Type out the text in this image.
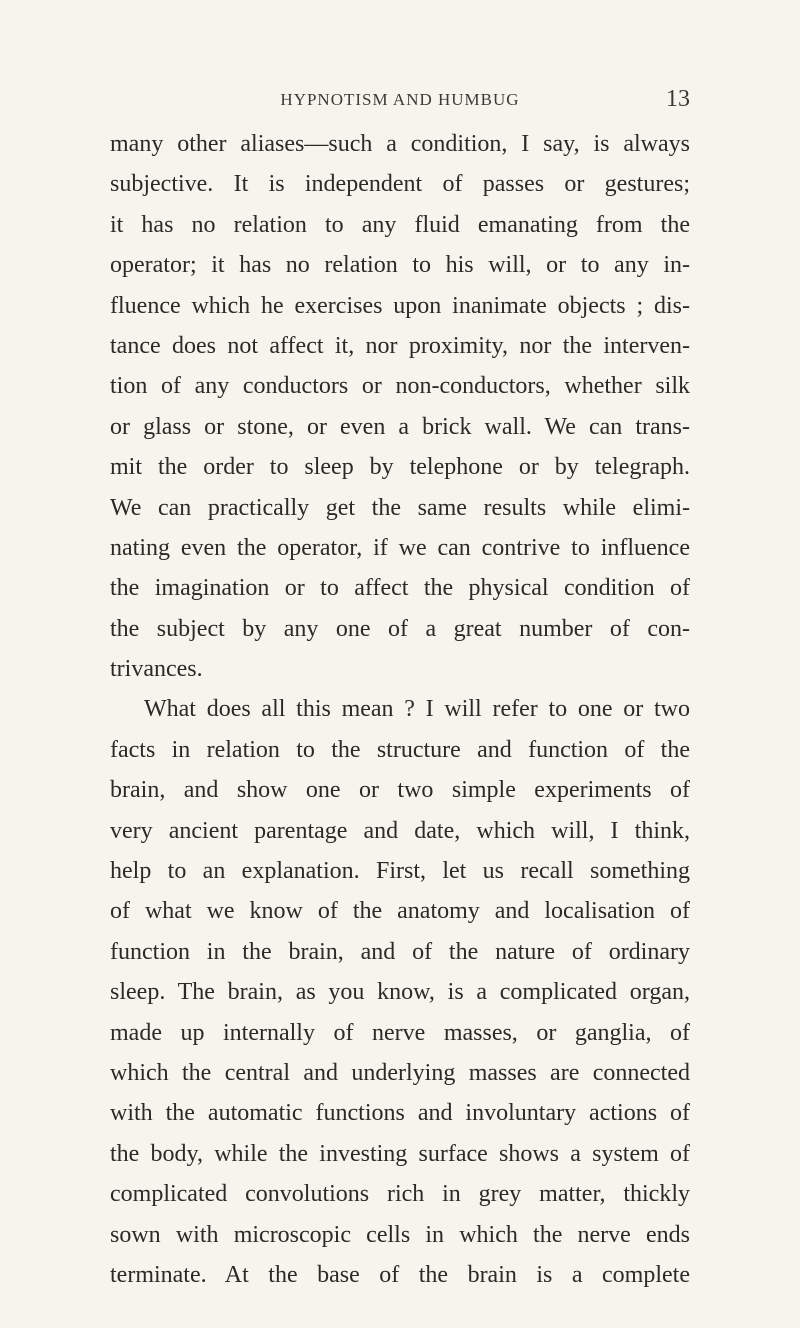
HYPNOTISM AND HUMBUG	13
many other aliases—such a condition, I say, is always
subjective. It is independent of passes or gestures;
it has no relation to any fluid emanating from the
operator; it has no relation to his will, or to any in-
fluence which he exercises upon inanimate objects ; dis-
tance does not affect it, nor proximity, nor the interven-
tion of any conductors or non-conductors, whether silk
or glass or stone, or even a brick wall. We can trans-
mit the order to sleep by telephone or by telegraph.
We can practically get the same results while elimi-
nating even the operator, if we can contrive to influence
the imagination or to affect the physical condition of
the subject by any one of a great number of con-
trivances.
What does all this mean ? I will refer to one or two
facts in relation to the structure and function of the
brain, and show one or two simple experiments of
very ancient parentage and date, which will, I think,
help to an explanation. First, let us recall something
of what we know of the anatomy and localisation of
function in the brain, and of the nature of ordinary
sleep. The brain, as you know, is a complicated organ,
made up internally of nerve masses, or ganglia, of
which the central and underlying masses are connected
with the automatic functions and involuntary actions of
the body, while the investing surface shows a system of
complicated convolutions rich in grey matter, thickly
sown with microscopic cells in which the nerve ends
terminate. At the base of the brain is a complete
